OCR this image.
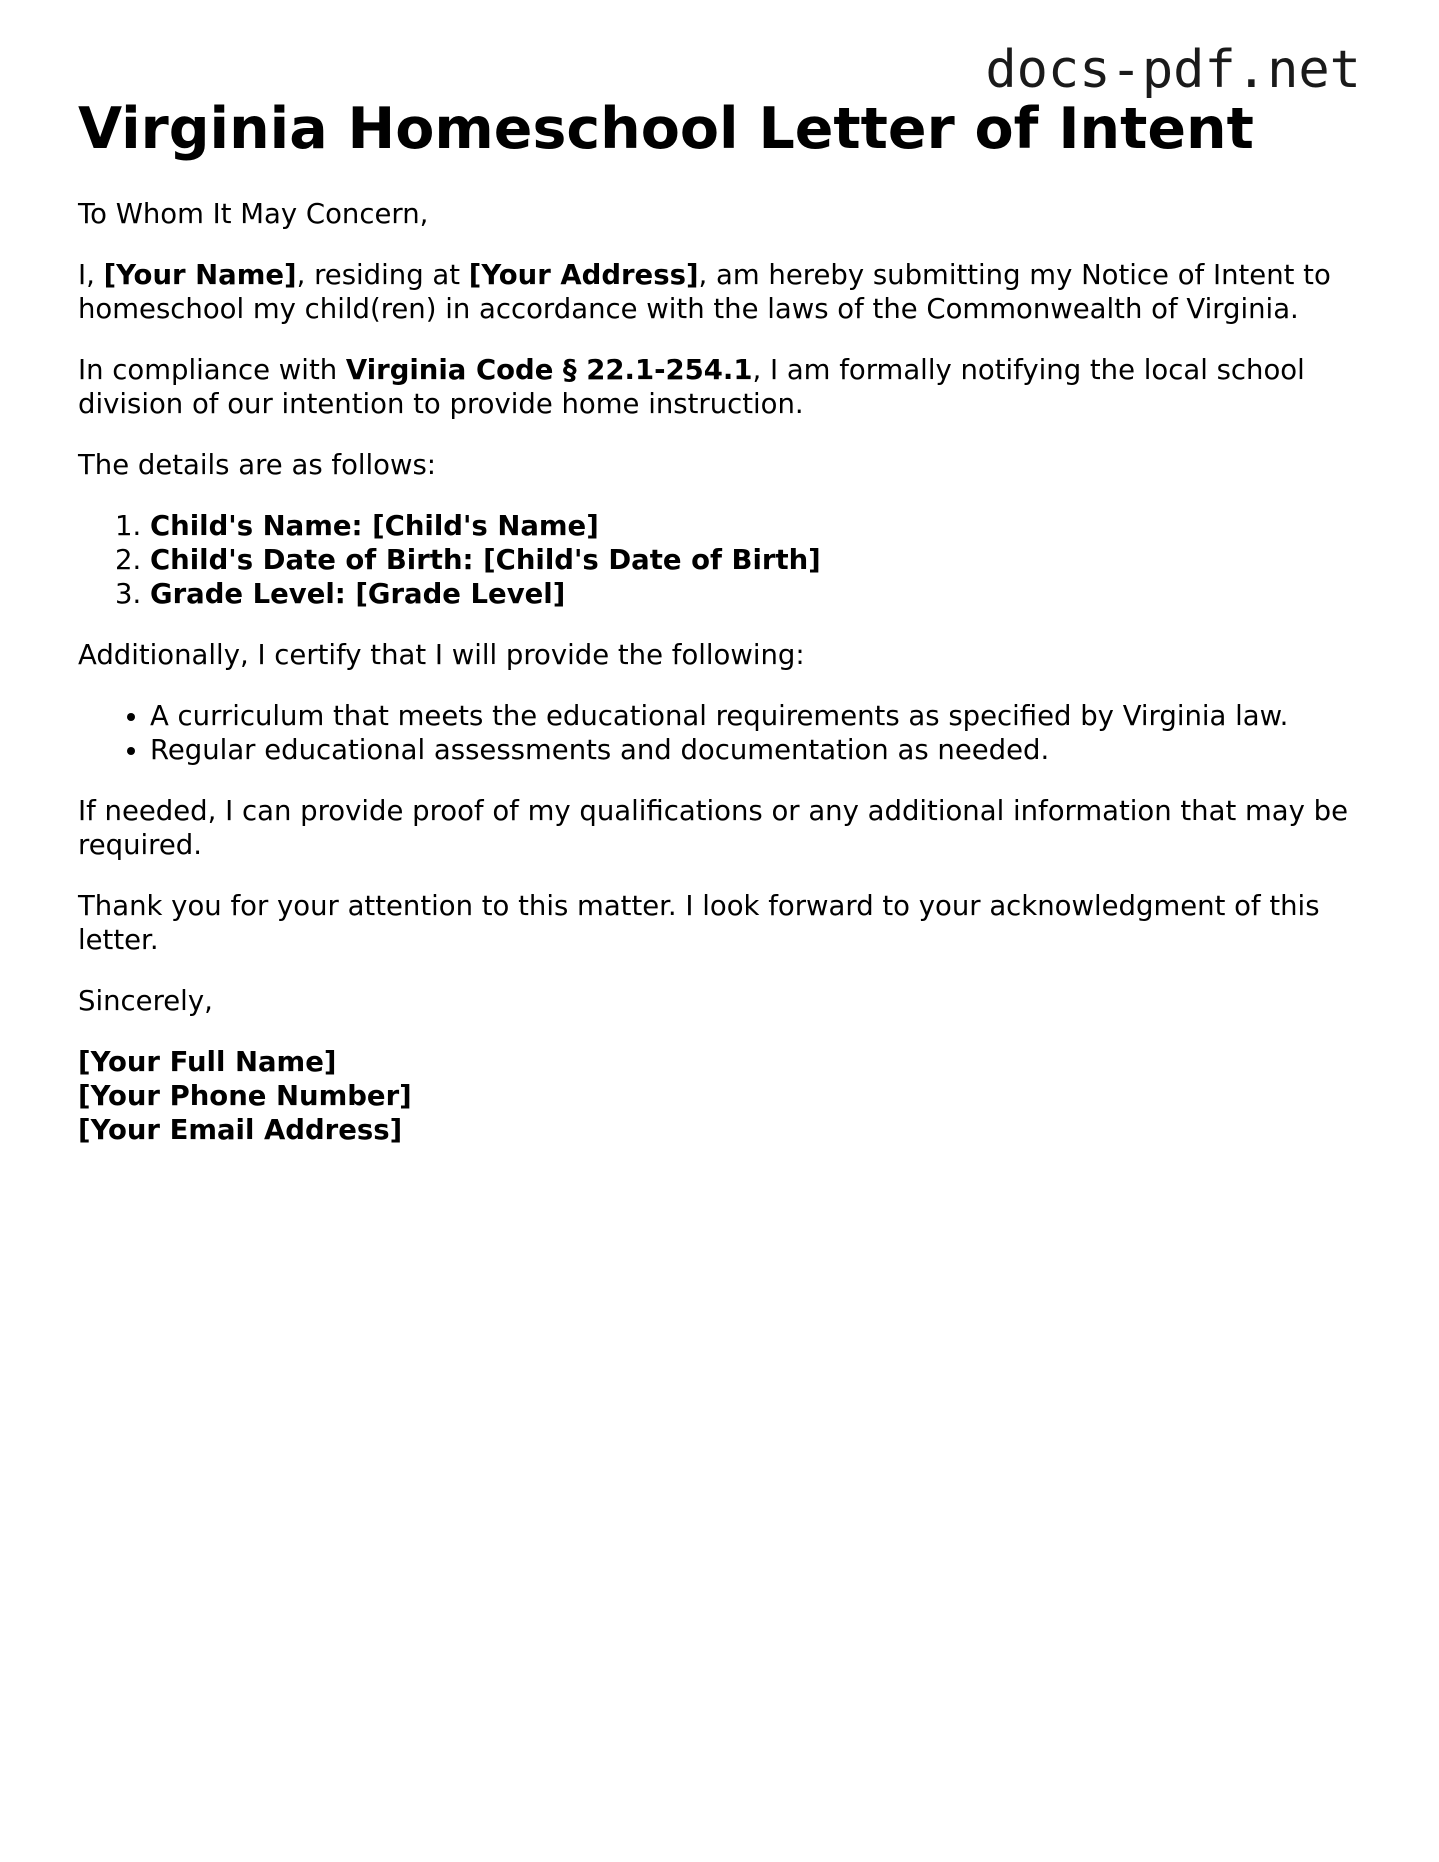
docs-pdf.net
Virginia Homeschool Letter of Intent

To Whom It May Concern,

I, [Your Name], residing at [Your Address], am hereby submitting my Notice of Intent to homeschool my child(ren) in accordance with the laws of the Commonwealth of Virginia.

In compliance with Virginia Code § 22.1-254.1, I am formally notifying the local school division of our intention to provide home instruction.

The details are as follows:

1. Child's Name: [Child's Name]
2. Child's Date of Birth: [Child's Date of Birth]
3. Grade Level: [Grade Level]

Additionally, I certify that I will provide the following:

• A curriculum that meets the educational requirements as specified by Virginia law.
• Regular educational assessments and documentation as needed.

If needed, I can provide proof of my qualifications or any additional information that may be required.

Thank you for your attention to this matter. I look forward to your acknowledgment of this letter.

Sincerely,

[Your Full Name]
[Your Phone Number]
[Your Email Address]
